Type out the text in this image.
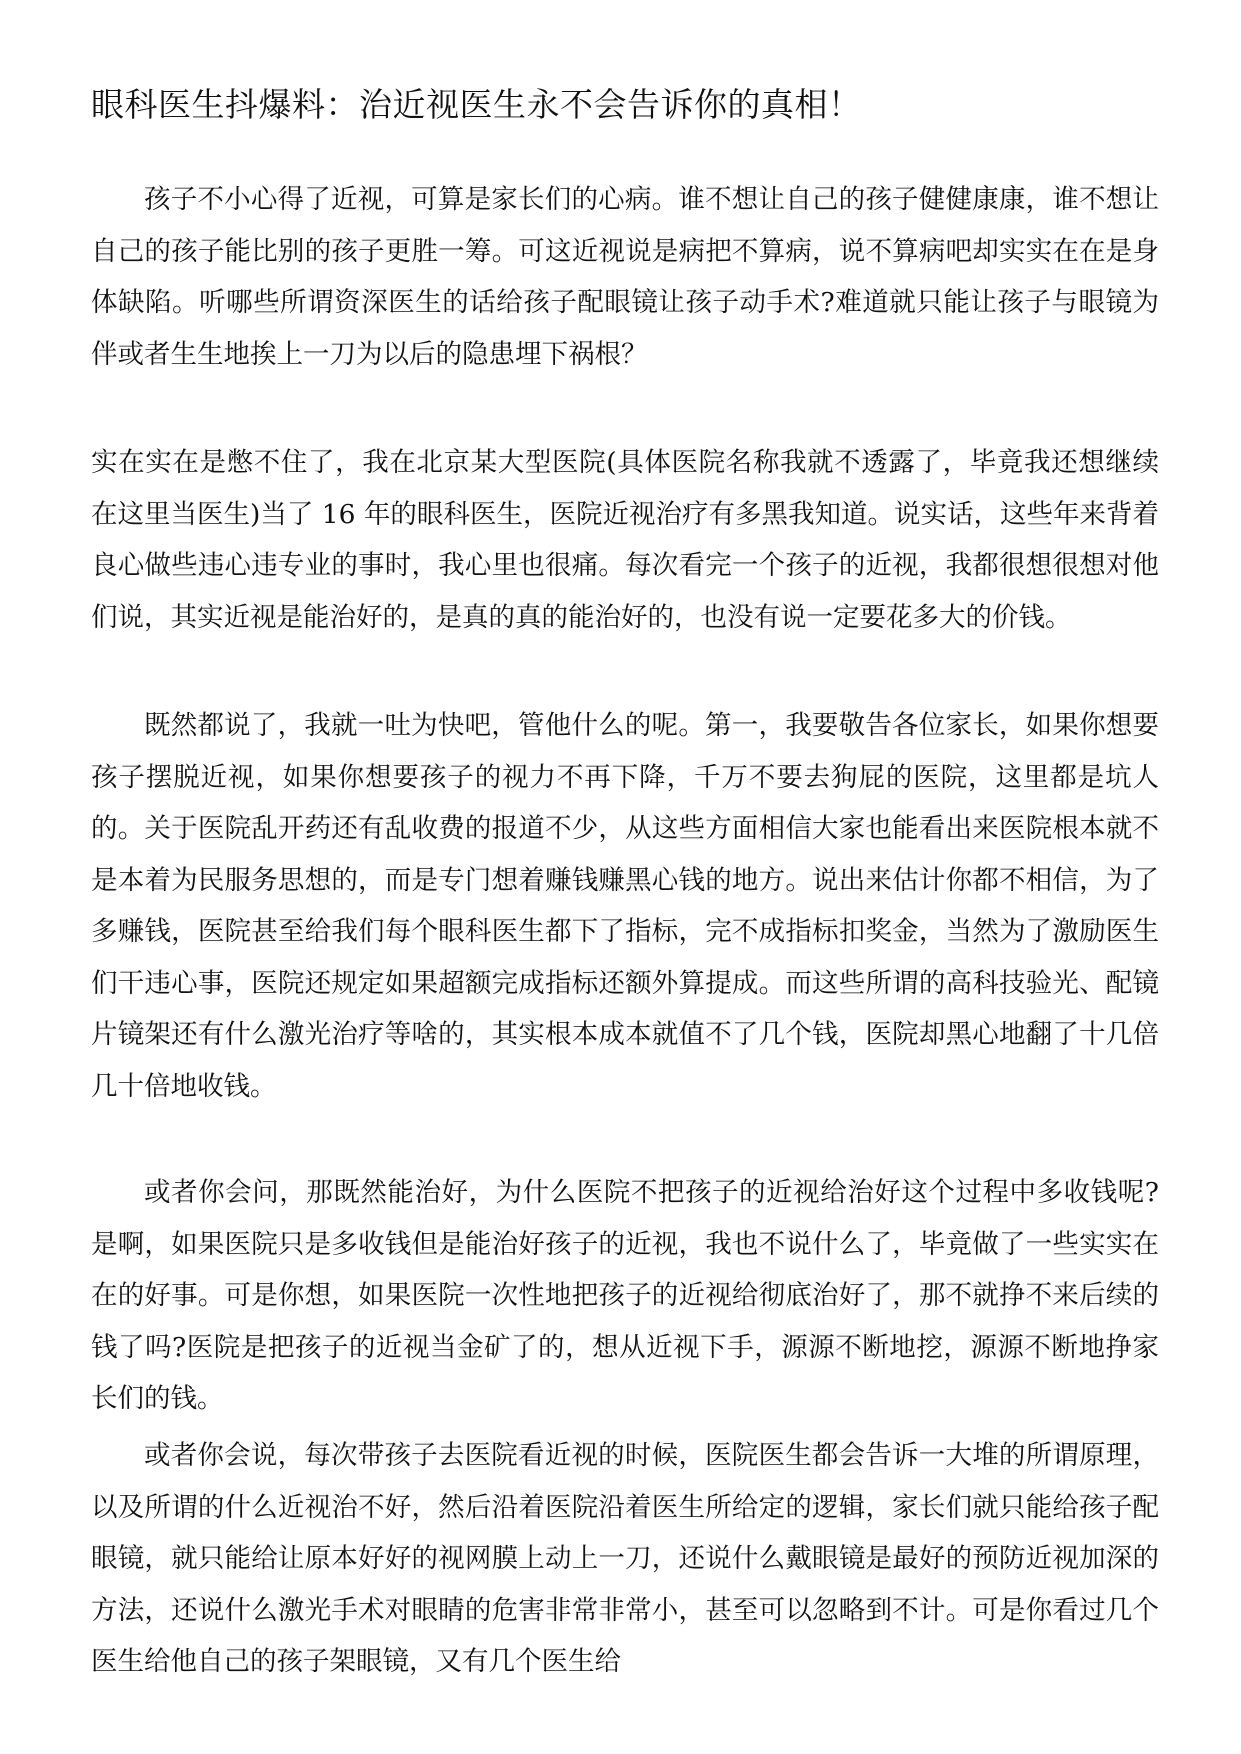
眼科医生抖爆料：治近视医生永不会告诉你的真相！

孩子不小心得了近视，可算是家长们的心病。谁不想让自己的孩子健健康康，谁不想让自己的孩子能比别的孩子更胜一筹。可这近视说是病把不算病，说不算病吧却实实在在是身体缺陷。听哪些所谓资深医生的话给孩子配眼镜让孩子动手术?难道就只能让孩子与眼镜为伴或者生生地挨上一刀为以后的隐患埋下祸根？

实在实在是憋不住了，我在北京某大型医院(具体医院名称我就不透露了，毕竟我还想继续在这里当医生)当了 16 年的眼科医生，医院近视治疗有多黑我知道。说实话，这些年来背着良心做些违心违专业的事时，我心里也很痛。每次看完一个孩子的近视，我都很想很想对他们说，其实近视是能治好的，是真的真的能治好的，也没有说一定要花多大的价钱。

既然都说了，我就一吐为快吧，管他什么的呢。第一，我要敬告各位家长，如果你想要孩子摆脱近视，如果你想要孩子的视力不再下降，千万不要去狗屁的医院，这里都是坑人的。关于医院乱开药还有乱收费的报道不少，从这些方面相信大家也能看出来医院根本就不是本着为民服务思想的，而是专门想着赚钱赚黑心钱的地方。说出来估计你都不相信，为了多赚钱，医院甚至给我们每个眼科医生都下了指标，完不成指标扣奖金，当然为了激励医生们干违心事，医院还规定如果超额完成指标还额外算提成。而这些所谓的高科技验光、配镜片镜架还有什么激光治疗等啥的，其实根本成本就值不了几个钱，医院却黑心地翻了十几倍几十倍地收钱。

或者你会问，那既然能治好，为什么医院不把孩子的近视给治好这个过程中多收钱呢?是啊，如果医院只是多收钱但是能治好孩子的近视，我也不说什么了，毕竟做了一些实实在在的好事。可是你想，如果医院一次性地把孩子的近视给彻底治好了，那不就挣不来后续的钱了吗?医院是把孩子的近视当金矿了的，想从近视下手，源源不断地挖，源源不断地挣家长们的钱。

或者你会说，每次带孩子去医院看近视的时候，医院医生都会告诉一大堆的所谓原理，以及所谓的什么近视治不好，然后沿着医院沿着医生所给定的逻辑，家长们就只能给孩子配眼镜，就只能给让原本好好的视网膜上动上一刀，还说什么戴眼镜是最好的预防近视加深的方法，还说什么激光手术对眼睛的危害非常非常小，甚至可以忽略到不计。可是你看过几个医生给他自己的孩子架眼镜，又有几个医生给
